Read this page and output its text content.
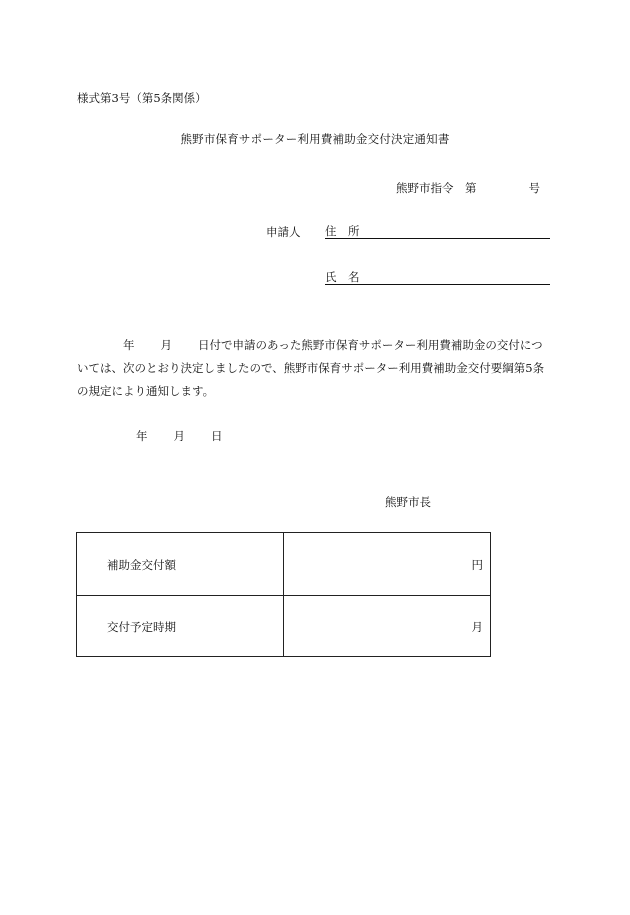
様式第3号（第5条関係）
熊野市保育サポーター利用費補助金交付決定通知書
熊野市指令　第	号
申請人 住　所
氏　名
年 月 日付で申請のあった熊野市保育サポーター利用費補助金の交付については、次のとおり決定しましたので、熊野市保育サポーター利用費補助金交付要綱第5条の規定により通知します。
年 月 日
熊野市長
補助金交付額	円
交付予定時期	月
